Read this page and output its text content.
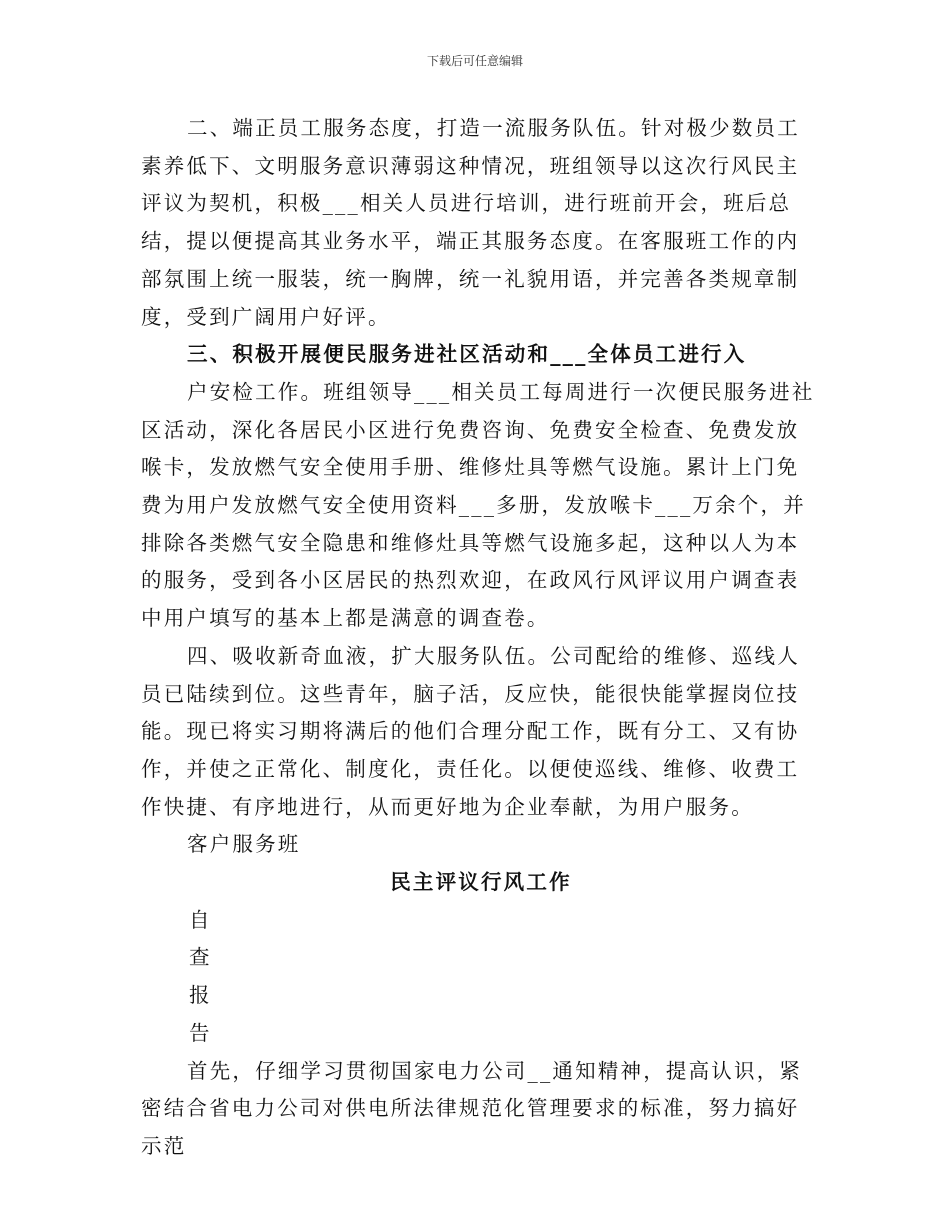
下载后可任意编辑

二、端正员工服务态度，打造一流服务队伍。针对极少数员工素养低下、文明服务意识薄弱这种情况，班组领导以这次行风民主评议为契机，积极___相关人员进行培训，进行班前开会，班后总结，提以便提高其业务水平，端正其服务态度。在客服班工作的内部氛围上统一服装，统一胸牌，统一礼貌用语，并完善各类规章制度，受到广阔用户好评。

三、积极开展便民服务进社区活动和___全体员工进行入

户安检工作。班组领导___相关员工每周进行一次便民服务进社区活动，深化各居民小区进行免费咨询、免费安全检查、免费发放喉卡，发放燃气安全使用手册、维修灶具等燃气设施。累计上门免费为用户发放燃气安全使用资料___多册，发放喉卡___万余个，并排除各类燃气安全隐患和维修灶具等燃气设施多起，这种以人为本的服务，受到各小区居民的热烈欢迎，在政风行风评议用户调查表中用户填写的基本上都是满意的调查卷。

四、吸收新奇血液，扩大服务队伍。公司配给的维修、巡线人员已陆续到位。这些青年，脑子活，反应快，能很快能掌握岗位技能。现已将实习期将满后的他们合理分配工作，既有分工、又有协作，并使之正常化、制度化，责任化。以便使巡线、维修、收费工作快捷、有序地进行，从而更好地为企业奉献，为用户服务。

客户服务班

民主评议行风工作

自

查

报

告

首先，仔细学习贯彻国家电力公司__通知精神，提高认识，紧密结合省电力公司对供电所法律规范化管理要求的标准，努力搞好示范
